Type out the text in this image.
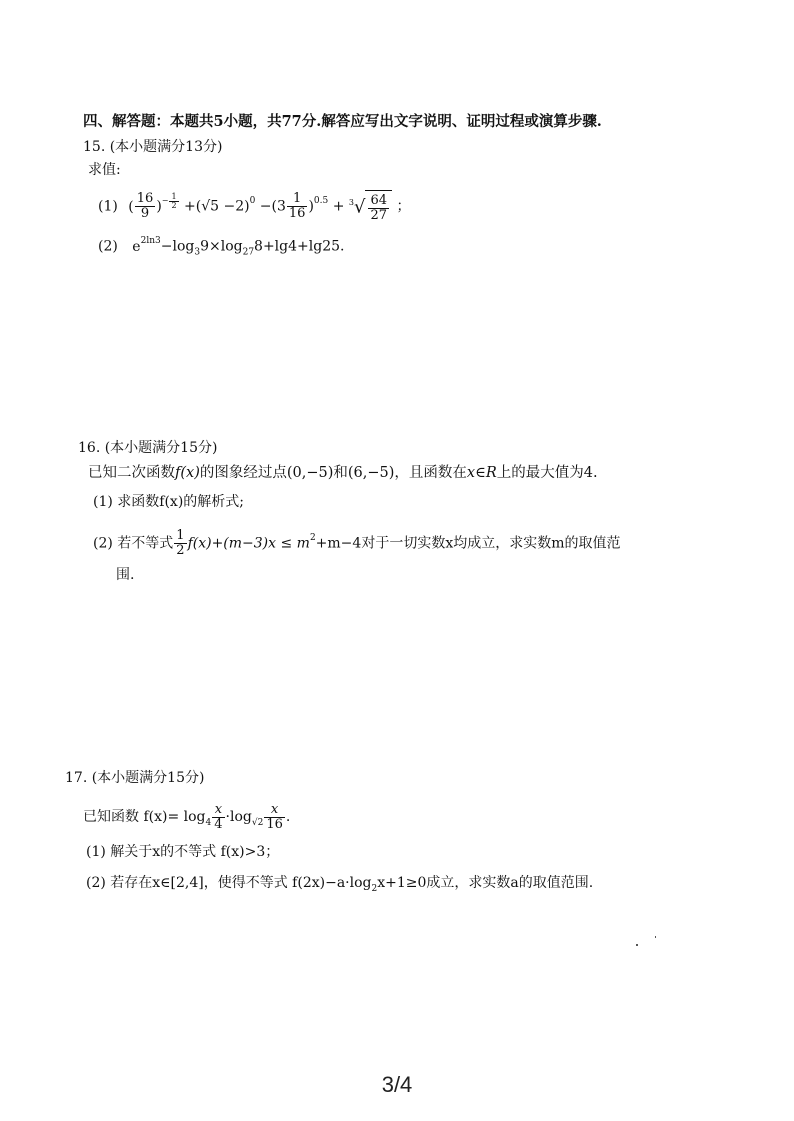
四、解答题：本题共5小题，共77分.解答应写出文字说明、证明过程或演算步骤.
15. (本小题满分13分)
求值:
(1) ( $\frac{16}{9} )^{- \frac{1}{2}} +(√5 -2)^0 -(3 \frac{1}{16} )^{0.5} + ^3√ \frac{64}{27}$ ；
(2) $e^{2ln3}-\log_39\times\log_{27}8+\lg 4+\lg 25$.
16. (本小题满分15分)
已知二次函数f(x)的图象经过点(0,−5)和(6,−5)，且函数在x∈R上的最大值为4.
(1) 求函数f(x)的解析式;
(2) 若不等式 $\frac{1}{2} f(x)+(m-3)x \le m^2+m-4$对于一切实数x均成立，求实数m的取值范
围.
17. (本小题满分15分)
已知函数 $f(x)= \log_4 \frac{x}{4} \cdot\log_{√2} \frac{x}{16}$ .
(1) 解关于x的不等式 f(x)>3；
(2) 若存在x∈[2,4]，使得不等式 $f(2x)-a\cdot\log_2x+1\ge 0$成立，求实数a的取值范围.
3/4
